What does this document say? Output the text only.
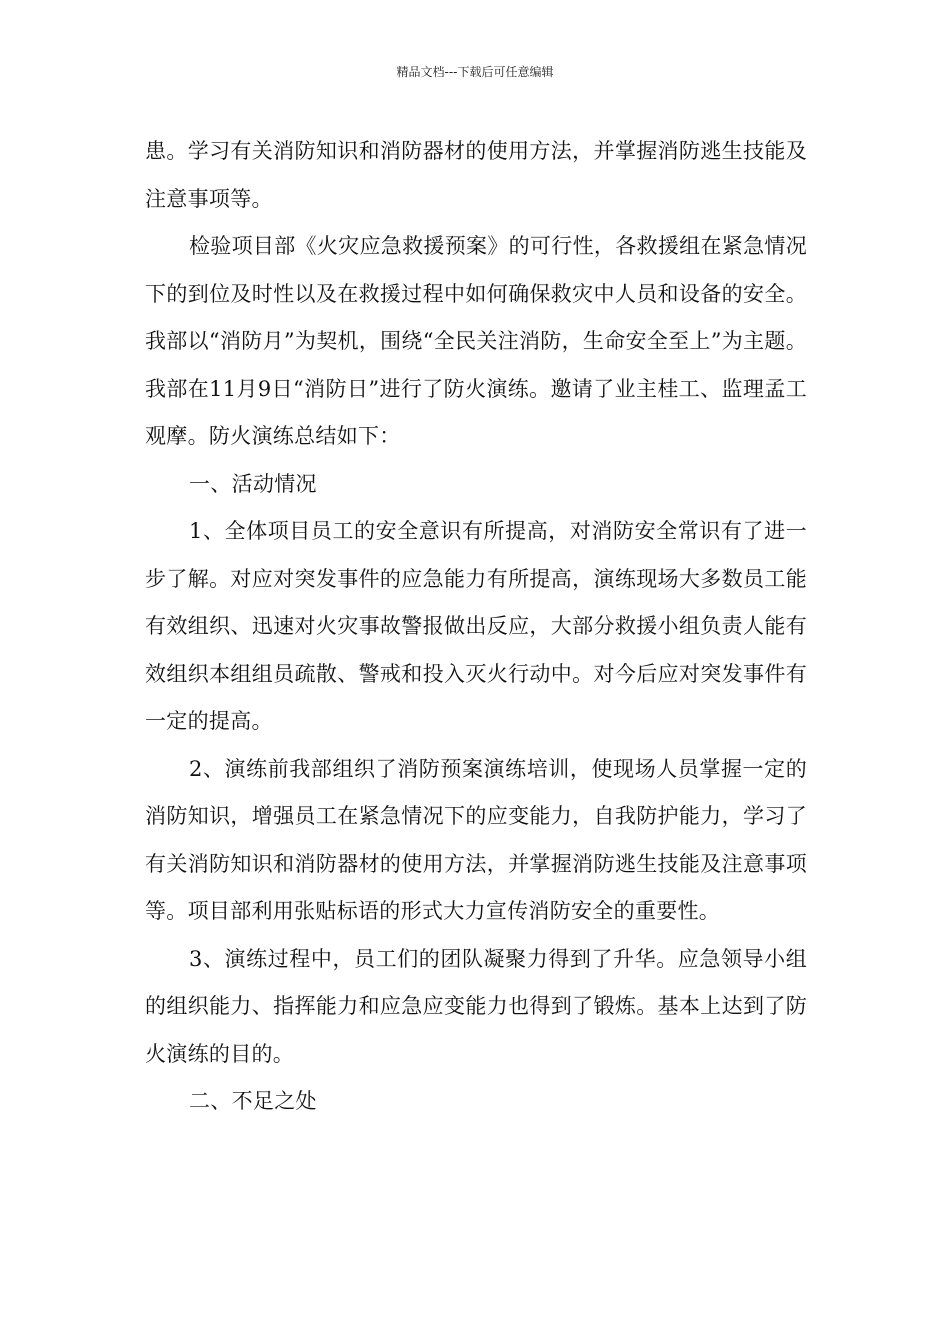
精品文档---下载后可任意编辑

患。学习有关消防知识和消防器材的使用方法，并掌握消防逃生技能及注意事项等。

检验项目部《火灾应急救援预案》的可行性，各救援组在紧急情况下的到位及时性以及在救援过程中如何确保救灾中人员和设备的安全。我部以“消防月”为契机，围绕“全民关注消防，生命安全至上”为主题。我部在11月9日“消防日”进行了防火演练。邀请了业主桂工、监理孟工观摩。防火演练总结如下：

一、活动情况

1、全体项目员工的安全意识有所提高，对消防安全常识有了进一步了解。对应对突发事件的应急能力有所提高，演练现场大多数员工能有效组织、迅速对火灾事故警报做出反应，大部分救援小组负责人能有效组织本组组员疏散、警戒和投入灭火行动中。对今后应对突发事件有一定的提高。

2、演练前我部组织了消防预案演练培训，使现场人员掌握一定的消防知识，增强员工在紧急情况下的应变能力，自我防护能力，学习了有关消防知识和消防器材的使用方法，并掌握消防逃生技能及注意事项等。项目部利用张贴标语的形式大力宣传消防安全的重要性。

3、演练过程中，员工们的团队凝聚力得到了升华。应急领导小组的组织能力、指挥能力和应急应变能力也得到了锻炼。基本上达到了防火演练的目的。

二、不足之处
